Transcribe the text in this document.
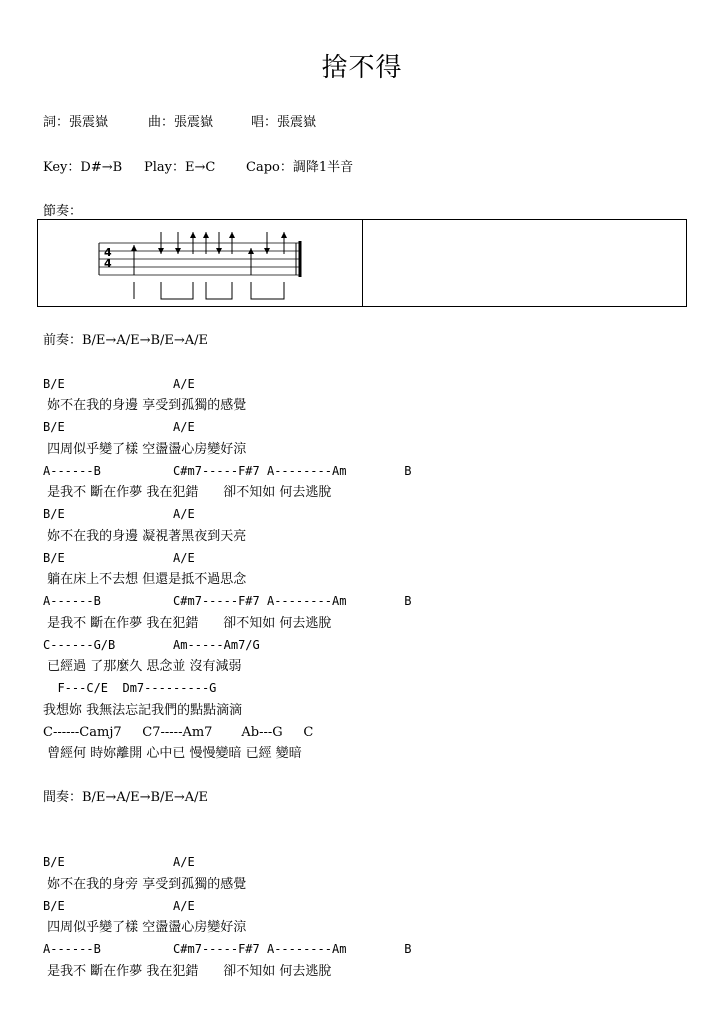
捨不得
詞：張震嶽	曲：張震嶽	唱：張震嶽
Key：D#→B Play：E→C Capo：調降1半音
節奏：
4
4
前奏：B/E→A/E→B/E→A/E
B/E               A/E
妳不在我的身邊 享受到孤獨的感覺
B/E               A/E
四周似乎變了樣 空盪盪心房變好涼
A------B          C#m7-----F#7 A--------Am        B
是我不 斷在作夢 我在犯錯      卻不知如 何去逃脫
B/E               A/E
妳不在我的身邊 凝視著黑夜到天亮
B/E               A/E
躺在床上不去想 但還是抵不過思念
A------B          C#m7-----F#7 A--------Am        B
是我不 斷在作夢 我在犯錯      卻不知如 何去逃脫
C------G/B        Am-----Am7/G
已經過 了那麼久 思念並 沒有減弱
F---C/E  Dm7---------G
我想妳 我無法忘記我們的點點滴滴
C------Camj7     C7-----Am7       Ab---G     C
曾經何 時妳離開 心中已 慢慢變暗 已經 變暗
間奏：B/E→A/E→B/E→A/E
B/E               A/E
妳不在我的身旁 享受到孤獨的感覺
B/E               A/E
四周似乎變了樣 空盪盪心房變好涼
A------B          C#m7-----F#7 A--------Am        B
是我不 斷在作夢 我在犯錯      卻不知如 何去逃脫
